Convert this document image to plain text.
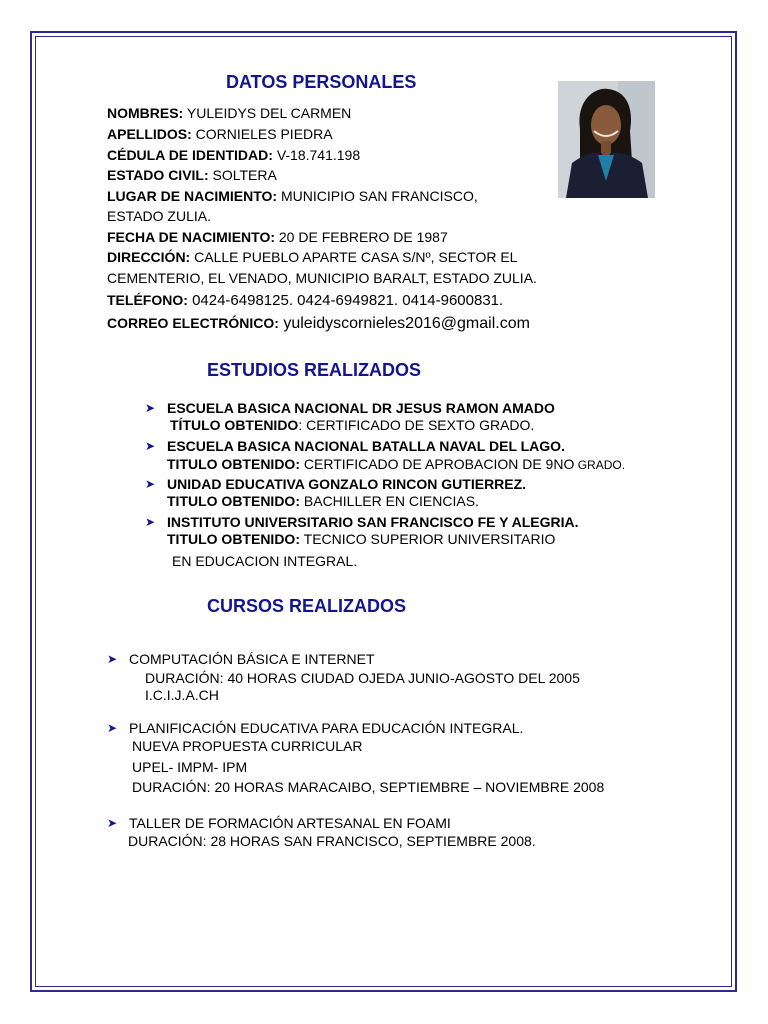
DATOS PERSONALES
NOMBRES: YULEIDYS DEL CARMEN
APELLIDOS: CORNIELES PIEDRA
CÉDULA DE IDENTIDAD: V-18.741.198
ESTADO CIVIL: SOLTERA
LUGAR DE NACIMIENTO: MUNICIPIO SAN FRANCISCO,
ESTADO ZULIA.
FECHA DE NACIMIENTO: 20 DE FEBRERO DE 1987
DIRECCIÓN: CALLE PUEBLO APARTE CASA S/Nº, SECTOR EL
CEMENTERIO, EL VENADO, MUNICIPIO BARALT, ESTADO ZULIA.
TELÉFONO: 0424-6498125. 0424-6949821. 0414-9600831.
CORREO ELECTRÓNICO: yuleidyscornieles2016@gmail.com
ESTUDIOS REALIZADOS
➤ ESCUELA BASICA NACIONAL DR JESUS RAMON AMADO
TÍTULO OBTENIDO: CERTIFICADO DE SEXTO GRADO.
➤ ESCUELA BASICA NACIONAL BATALLA NAVAL DEL LAGO.
TITULO OBTENIDO: CERTIFICADO DE APROBACION DE 9NO GRADO.
➤ UNIDAD EDUCATIVA GONZALO RINCON GUTIERREZ.
TITULO OBTENIDO: BACHILLER EN CIENCIAS.
➤ INSTITUTO UNIVERSITARIO SAN FRANCISCO FE Y ALEGRIA.
TITULO OBTENIDO: TECNICO SUPERIOR UNIVERSITARIO
EN EDUCACION INTEGRAL.
CURSOS REALIZADOS
➤ COMPUTACIÓN BÁSICA E INTERNET
DURACIÓN: 40 HORAS CIUDAD OJEDA JUNIO-AGOSTO DEL 2005
I.C.I.J.A.CH
➤ PLANIFICACIÓN EDUCATIVA PARA EDUCACIÓN INTEGRAL.
NUEVA PROPUESTA CURRICULAR
UPEL- IMPM- IPM
DURACIÓN: 20 HORAS MARACAIBO, SEPTIEMBRE – NOVIEMBRE 2008
➤ TALLER DE FORMACIÓN ARTESANAL EN FOAMI
DURACIÓN: 28 HORAS SAN FRANCISCO, SEPTIEMBRE 2008.
